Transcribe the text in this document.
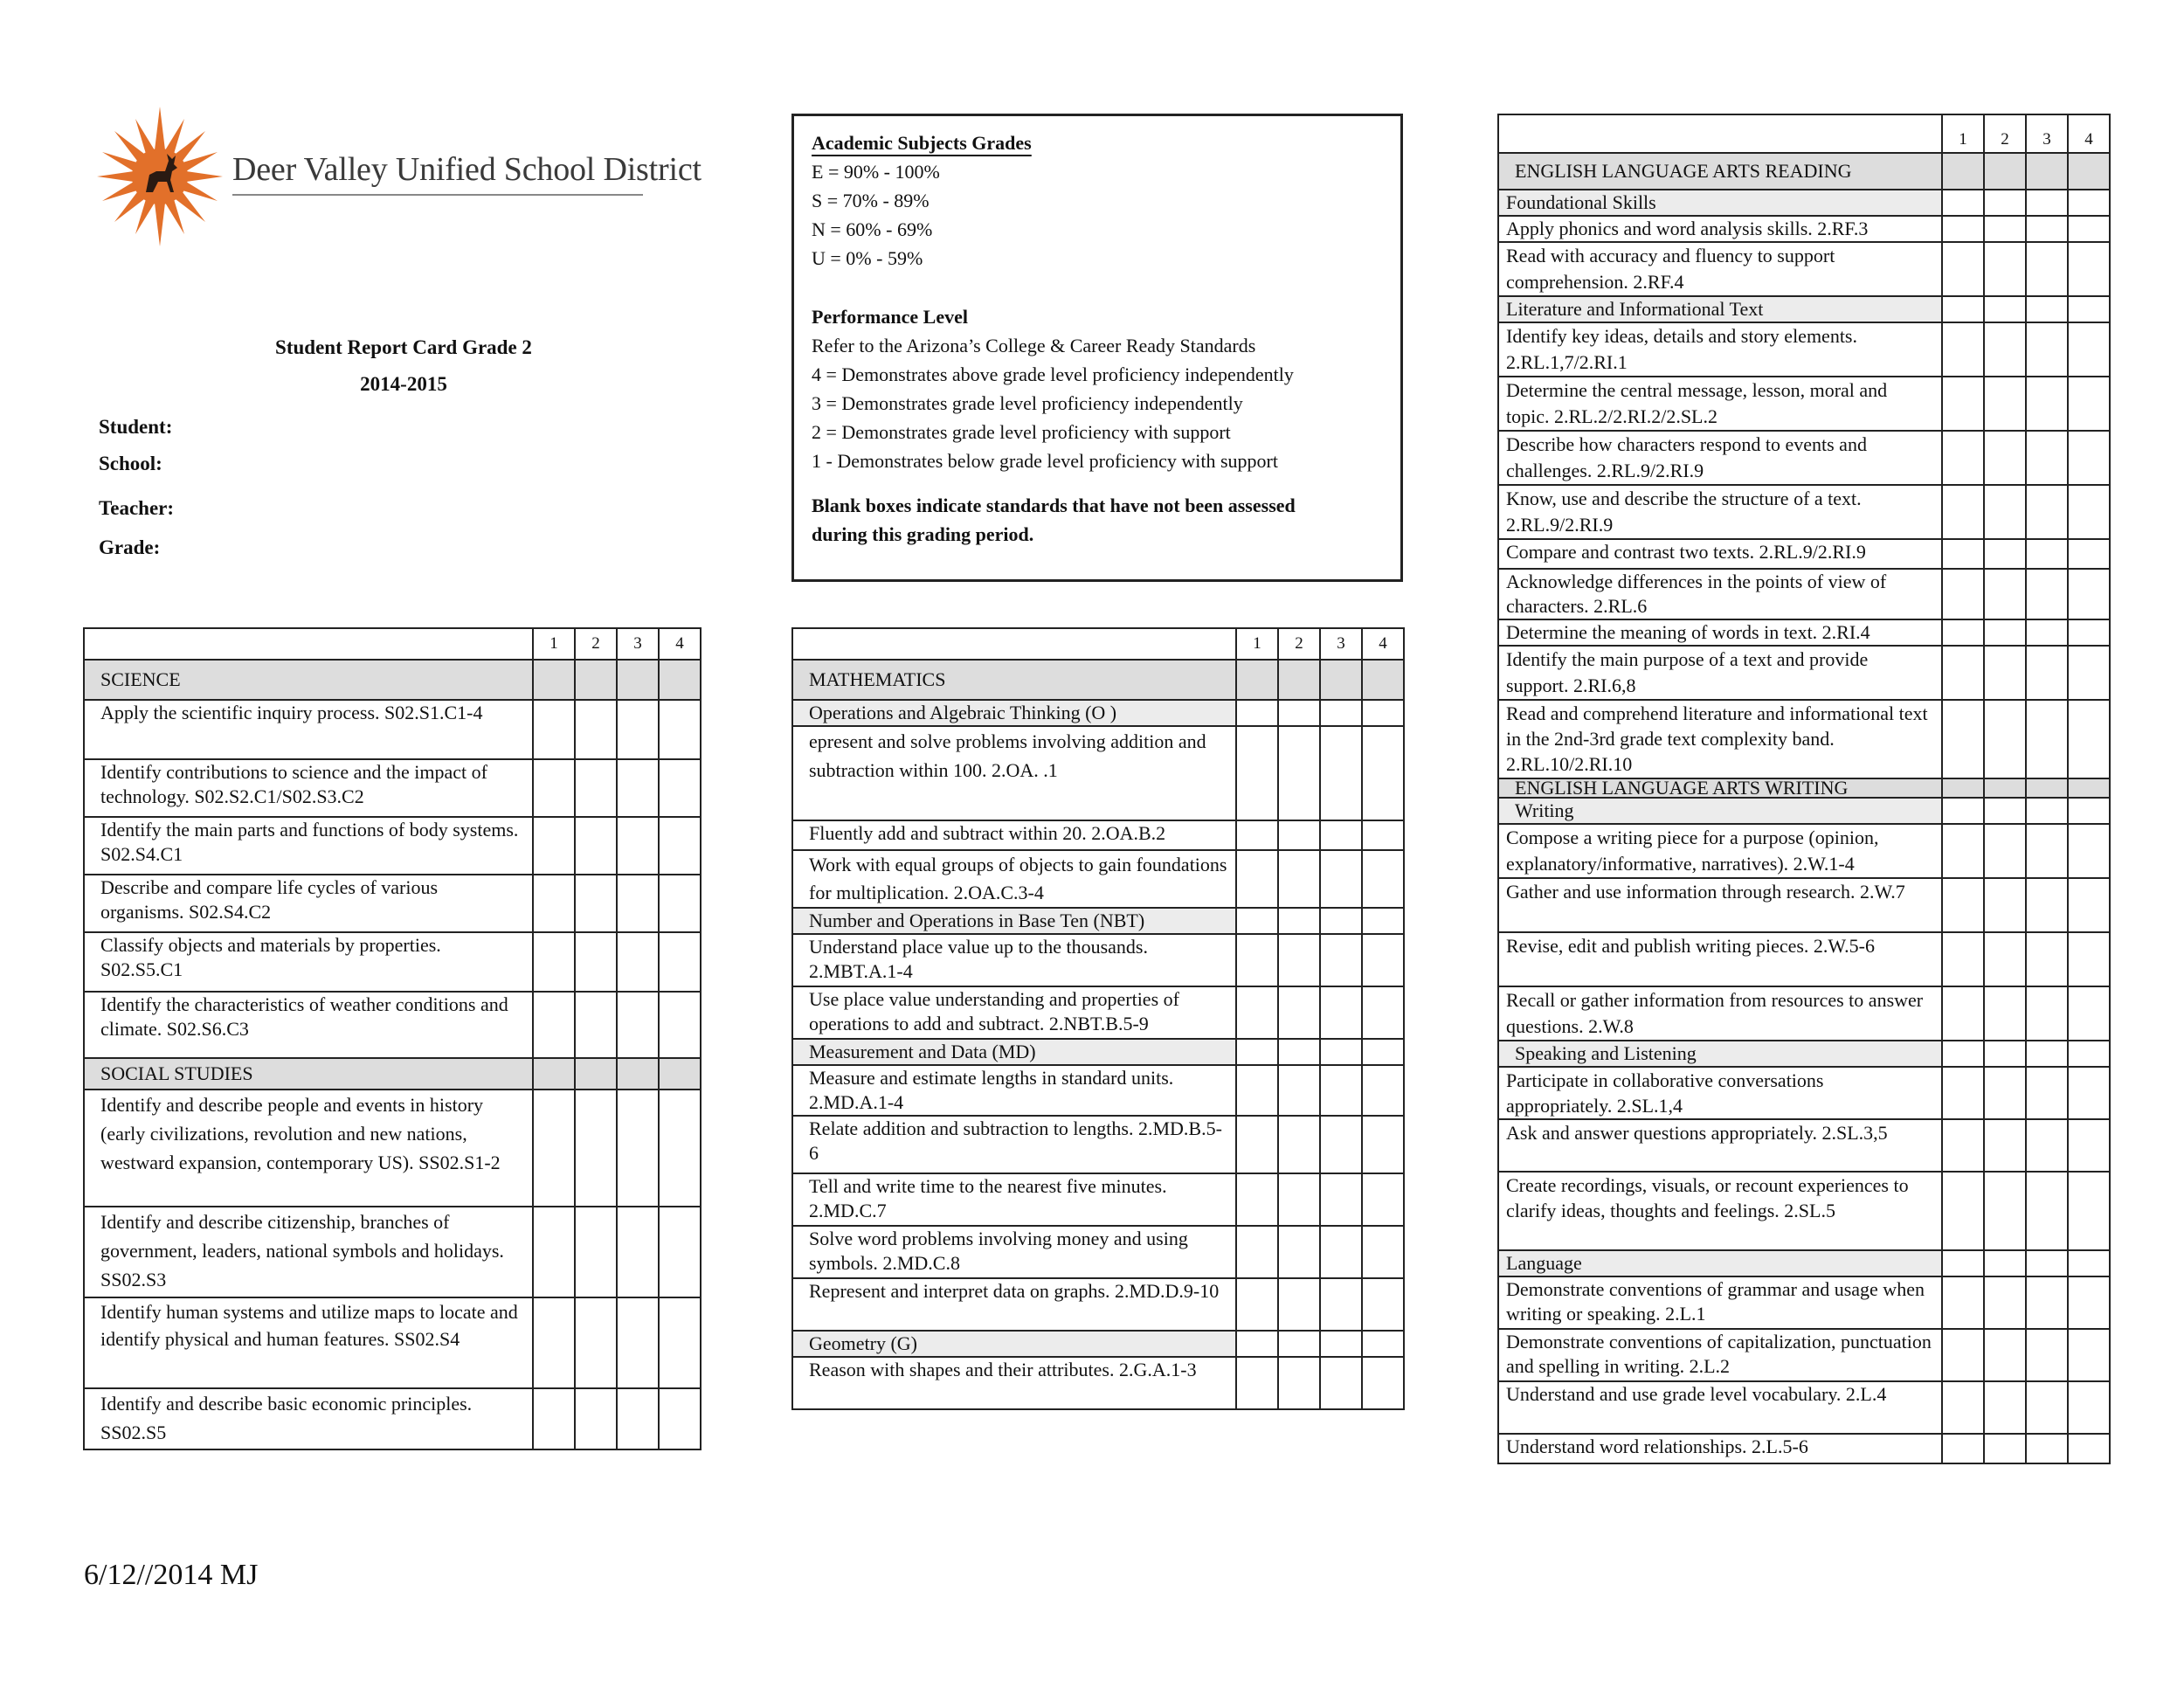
Deer Valley Unified School District
Student Report Card Grade 2
2014-2015
Student:
School:
Teacher:
Grade:
Academic Subjects Grades
E = 90% - 100%
S = 70% - 89%
N = 60% - 69%
U = 0% - 59%
Performance Level
Refer to the Arizona’s College & Career Ready Standards
4 = Demonstrates above grade level proficiency independently
3 = Demonstrates grade level proficiency independently
2 = Demonstrates grade level proficiency with support
1 - Demonstrates below grade level proficiency with support
Blank boxes indicate standards that have not been assessed
during this grading period.
	1	2	3	4
SCIENCE				
Apply the scientific inquiry process. S02.S1.C1-4				
Identify contributions to science and the impact of technology. S02.S2.C1/S02.S3.C2				
Identify the main parts and functions of body systems. S02.S4.C1				
Describe and compare life cycles of various organisms. S02.S4.C2				
Classify objects and materials by properties. S02.S5.C1				
Identify the characteristics of weather conditions and climate. S02.S6.C3				
SOCIAL STUDIES				
Identify and describe people and events in history (early civilizations, revolution and new nations, westward expansion, contemporary US). SS02.S1-2				
Identify and describe citizenship, branches of government, leaders, national symbols and holidays. SS02.S3				
Identify human systems and utilize maps to locate and identify physical and human features. SS02.S4				
Identify and describe basic economic principles. SS02.S5				
	1	2	3	4
MATHEMATICS				
Operations and Algebraic Thinking (O )				
epresent and solve problems involving addition and subtraction within 100. 2.OA. .1				
Fluently add and subtract within 20. 2.OA.B.2				
Work with equal groups of objects to gain foundations for multiplication. 2.OA.C.3-4				
Number and Operations in Base Ten (NBT)				
Understand place value up to the thousands. 2.MBT.A.1-4				
Use place value understanding and properties of operations to add and subtract. 2.NBT.B.5-9				
Measurement and Data (MD)				
Measure and estimate lengths in standard units. 2.MD.A.1-4				
Relate addition and subtraction to lengths. 2.MD.B.5-6				
Tell and write time to the nearest five minutes. 2.MD.C.7				
Solve word problems involving money and using symbols. 2.MD.C.8				
Represent and interpret data on graphs. 2.MD.D.9-10				
Geometry (G)				
Reason with shapes and their attributes. 2.G.A.1-3				
	1	2	3	4
ENGLISH LANGUAGE ARTS READING				
Foundational Skills				
Apply phonics and word analysis skills. 2.RF.3				
Read with accuracy and fluency to support comprehension. 2.RF.4				
Literature and Informational Text				
Identify key ideas, details and story elements. 2.RL.1,7/2.RI.1				
Determine the central message, lesson, moral and topic. 2.RL.2/2.RI.2/2.SL.2				
Describe how characters respond to events and challenges. 2.RL.9/2.RI.9				
Know, use and describe the structure of a text. 2.RL.9/2.RI.9				
Compare and contrast two texts. 2.RL.9/2.RI.9				
Acknowledge differences in the points of view of characters. 2.RL.6				
Determine the meaning of words in text. 2.RI.4				
Identify the main purpose of a text and provide support. 2.RI.6,8				
Read and comprehend literature and informational text in the 2nd-3rd grade text complexity band. 2.RL.10/2.RI.10				
ENGLISH LANGUAGE ARTS WRITING				
Writing				
Compose a writing piece for a purpose (opinion, explanatory/informative, narratives). 2.W.1-4				
Gather and use information through research. 2.W.7				
Revise, edit and publish writing pieces. 2.W.5-6				
Recall or gather information from resources to answer questions. 2.W.8				
Speaking and Listening				
Participate in collaborative conversations appropriately. 2.SL.1,4				
Ask and answer questions appropriately. 2.SL.3,5				
Create recordings, visuals, or recount experiences to clarify ideas, thoughts and feelings. 2.SL.5				
Language				
Demonstrate conventions of grammar and usage when writing or speaking. 2.L.1				
Demonstrate conventions of capitalization, punctuation and spelling in writing. 2.L.2				
Understand and use grade level vocabulary. 2.L.4				
Understand word relationships. 2.L.5-6				
6/12//2014 MJ
